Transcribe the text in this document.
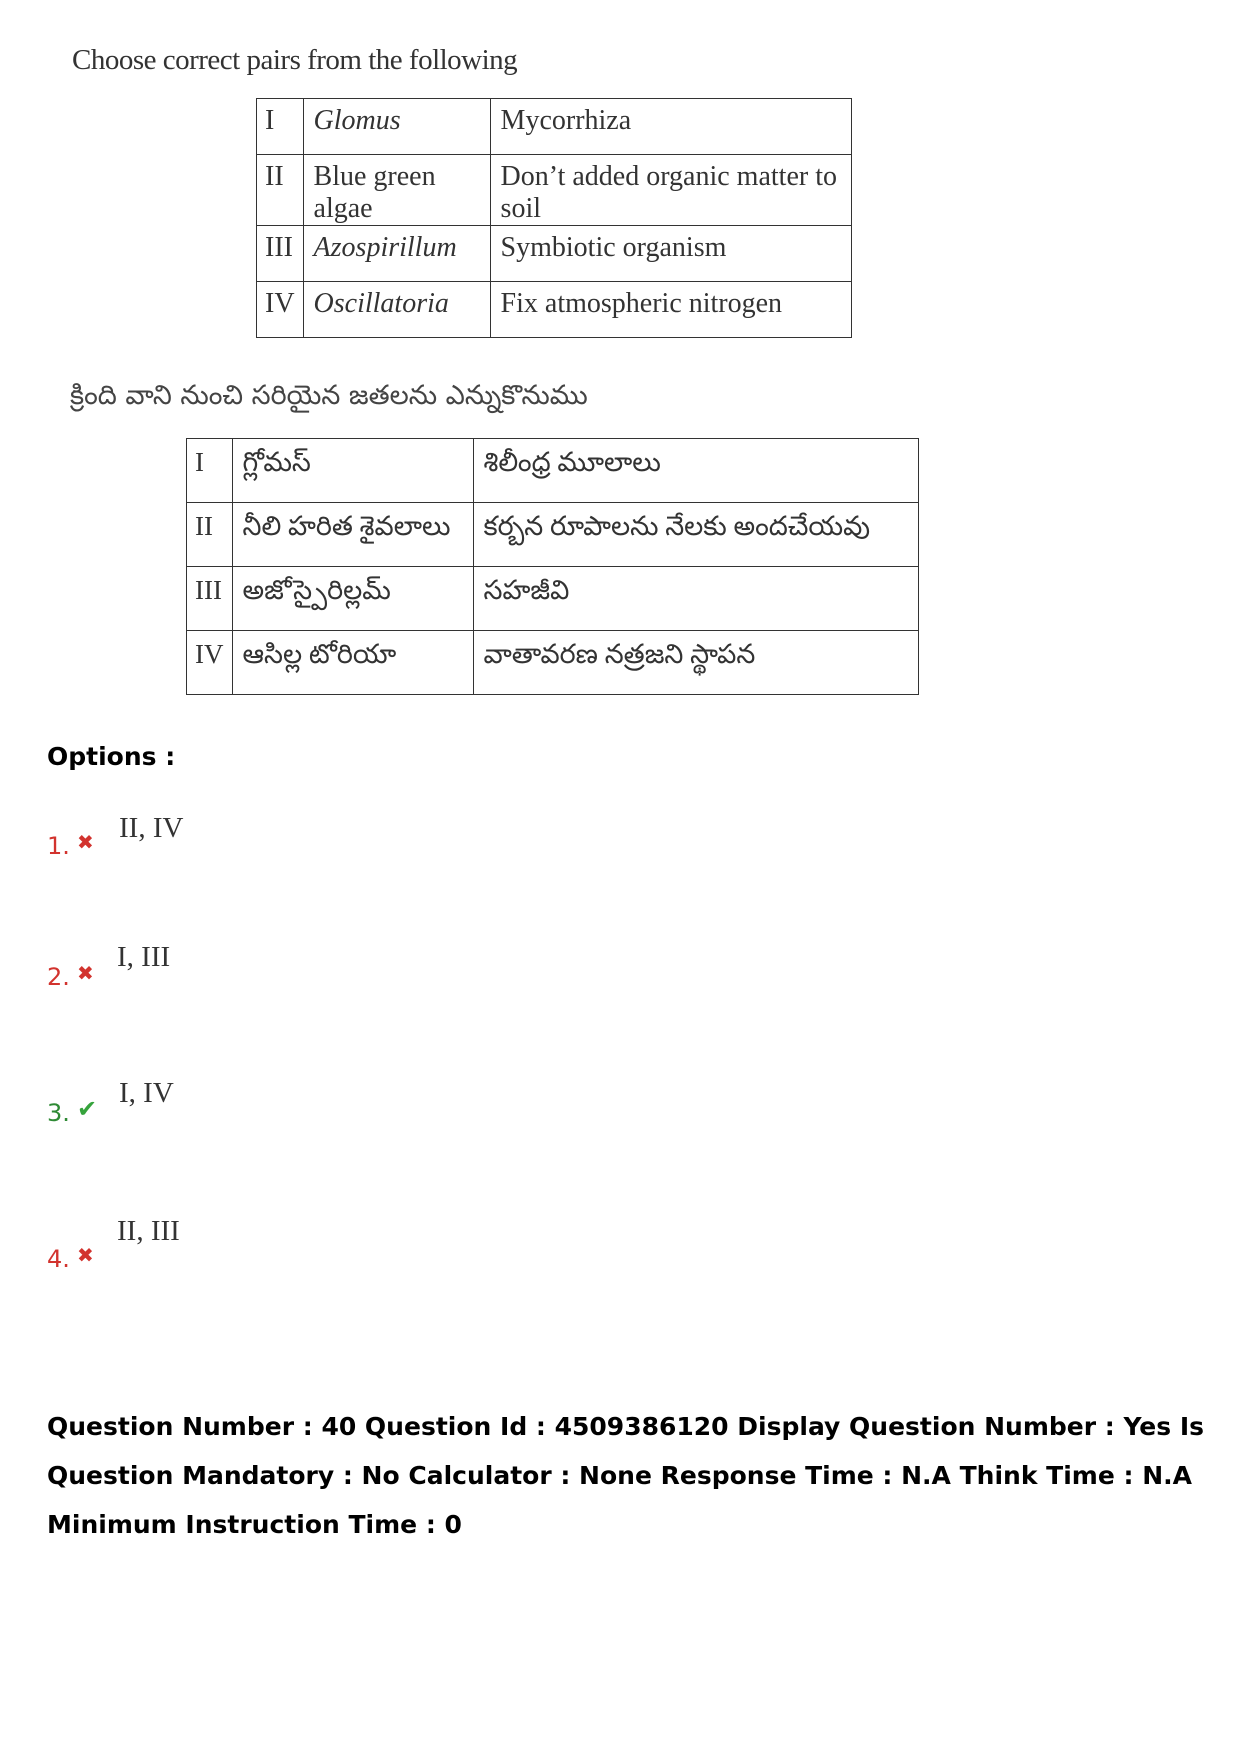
Choose correct pairs from the following
I	Glomus	Mycorrhiza
II	Blue green algae	Don’t added organic matter to soil
III	Azospirillum	Symbiotic organism
IV	Oscillatoria	Fix atmospheric nitrogen
క్రింది వాని నుంచి సరియైన జతలను ఎన్నుకొనుము
I	గ్లోమస్	శిలీంధ్ర మూలాలు
II	నీలి హరిత శైవలాలు	కర్బన రూపాలను నేలకు అందచేయవు
III	అజోస్పైరిల్లమ్	సహజీవి
IV	ఆసిల్ల టోరియా	వాతావరణ నత్రజని స్థాపన
Options :
1. ✖ II, IV
2. ✖ I, III
3. ✔ I, IV
4. ✖
II, III
Question Number : 40 Question Id : 4509386120 Display Question Number : Yes Is Question Mandatory : No Calculator : None Response Time : N.A Think Time : N.A Minimum Instruction Time : 0
